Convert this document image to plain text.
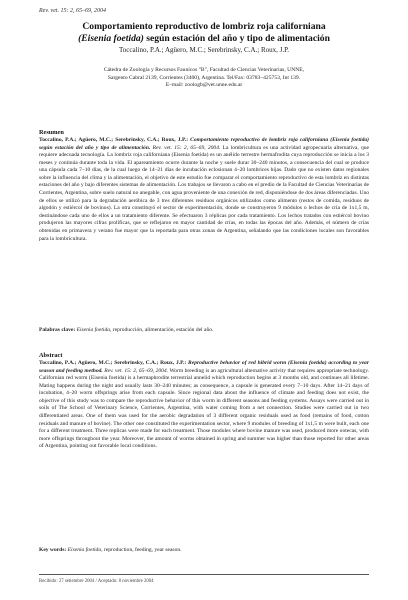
Rev. vet. 15: 2, 65–69, 2004
Comportamiento reproductivo de lombriz roja californiana
(Eisenia foetida) según estación del año y tipo de alimentación
Toccalino, P.A.; Agüero, M.C.; Serebrinsky, C.A.; Roux, J.P.
Cátedra de Zoología y Recursos Faunícos "B", Facultad de Ciencias Veterinarias, UNNE,
Sargento Cabral 2139, Corrientes (3400), Argentina. Tel/Fax: 03783–425753, Int 139.
E–mail: zoologb@vet.unne.edu.ar
Resumen

Toccalino, P.A.; Agüero, M.C.; Serebrinsky, C.A.; Roux, J.P.: Comportamiento reproductivo de lombriz roja californiana (Eisenia foetida) según estación del año y tipo de alimentación. Rev. vet. 15: 2, 65–69, 2004. La lombricultura es una actividad agropecuaria alternativa, que requiere adecuada tecnología. La lombriz roja californiana (Eisenia foetida) es un anélido terrestre hermafrodita cuya reproducción se inicia a los 3 meses y continúa durante toda la vida. El apareamiento ocurre durante la noche y suele durar 30–240 minutos, a consecuencia del cual se produce una cápsula cada 7–10 días, de la cual luego de 14–21 días de incubación eclosionan 4–20 lombrices hijas. Dado que no existen datos regionales sobre la influencia del clima y la alimentación, el objetivo de este estudio fue comparar el comportamiento reproductivo de esta lombriz en distintas estaciones del año y bajo diferentes sistemas de alimentación. Los trabajos se llevaron a cabo en el predio de la Facultad de Ciencias Veterinarias de Corrientes, Argentina, sobre suelo natural no anegable, con agua proveniente de una conexión de red, disponiéndose de dos áreas diferenciadas. Uno de ellos se utilizó para la degradación aeróbica de 3 tres diferentes residuos orgánicos utilizados como alimento (restos de comida, residuos de algodón y estiércol de bovinos). La otra constituyó el sector de experimentación, donde se construyeron 9 módulos o lechos de cría de 1x1,5 m, destinándose cada uno de ellos a un tratamiento diferente. Se efectuaron 3 réplicas por cada tratamiento. Los lechos tratados con estiércol bovino produjeron las mayores cifras prolíficas, que se reflejaron en mayor cantidad de crías, en todas las épocas del año. Además, el número de crías obtenidas en primavera y verano fue mayor que la reportada para otras zonas de Argentina, señalando que las condiciones locales son favorables para la lombricultura.

Palabras clave: Eisenia foetida, reproducción, alimentación, estación del año.

Abstract

Toccalino, P.A.; Agüero, M.C.; Serebrinsky, C.A.; Roux, J.P.: Reproductive behavior of red hibrid worm (Eisenia foetida) according to year season and feeding method. Rev. vet. 15: 2, 65–69, 2004. Worm breeding is an agricultural alternative activity that requires appropriate technology. Californian red worm (Eisenia foetida) is a hermaphrodite terrestrial annelid which reproduction begins at 3 months old, and continues all lifetime. Mating happens during the night and usually lasts 30–240 minutes; as consequence, a capsule is generated every 7–10 days. After 14–21 days of incubation, 4–20 worm offsprings arise from each capsule. Since regional data about the influence of climate and feeding does not exist, the objective of this study was to compare the reproductive behavior of this worm in different seasons and feeding systems. Assays were carried out in soils of The School of Veterinary Science, Corrientes, Argentina, with water coming from a net connection. Studies were carried out in two differentiated areas. One of them was used for the aerobic degradation of 3 different organic residuals used as food (remains of food, cotton residuals and manure of bovine). The other one constituted the experimentation sector, where 9 modules of breeding of 1x1,5 m were built, each one for a different treatment. Three replicas were made for each treatment. Those modules where bovine manure was used, produced more ootecas, with more offsprings throughout the year. Moreover, the amount of worms obtained in spring and summer was higher than those reported for other areas of Argentina, pointing out favorable local conditions.

Key words: Eisenia foetida, reproduction, feeding, year season.

Recibido: 27 setiembre 2004 / Aceptado: 8 noviembre 2004
